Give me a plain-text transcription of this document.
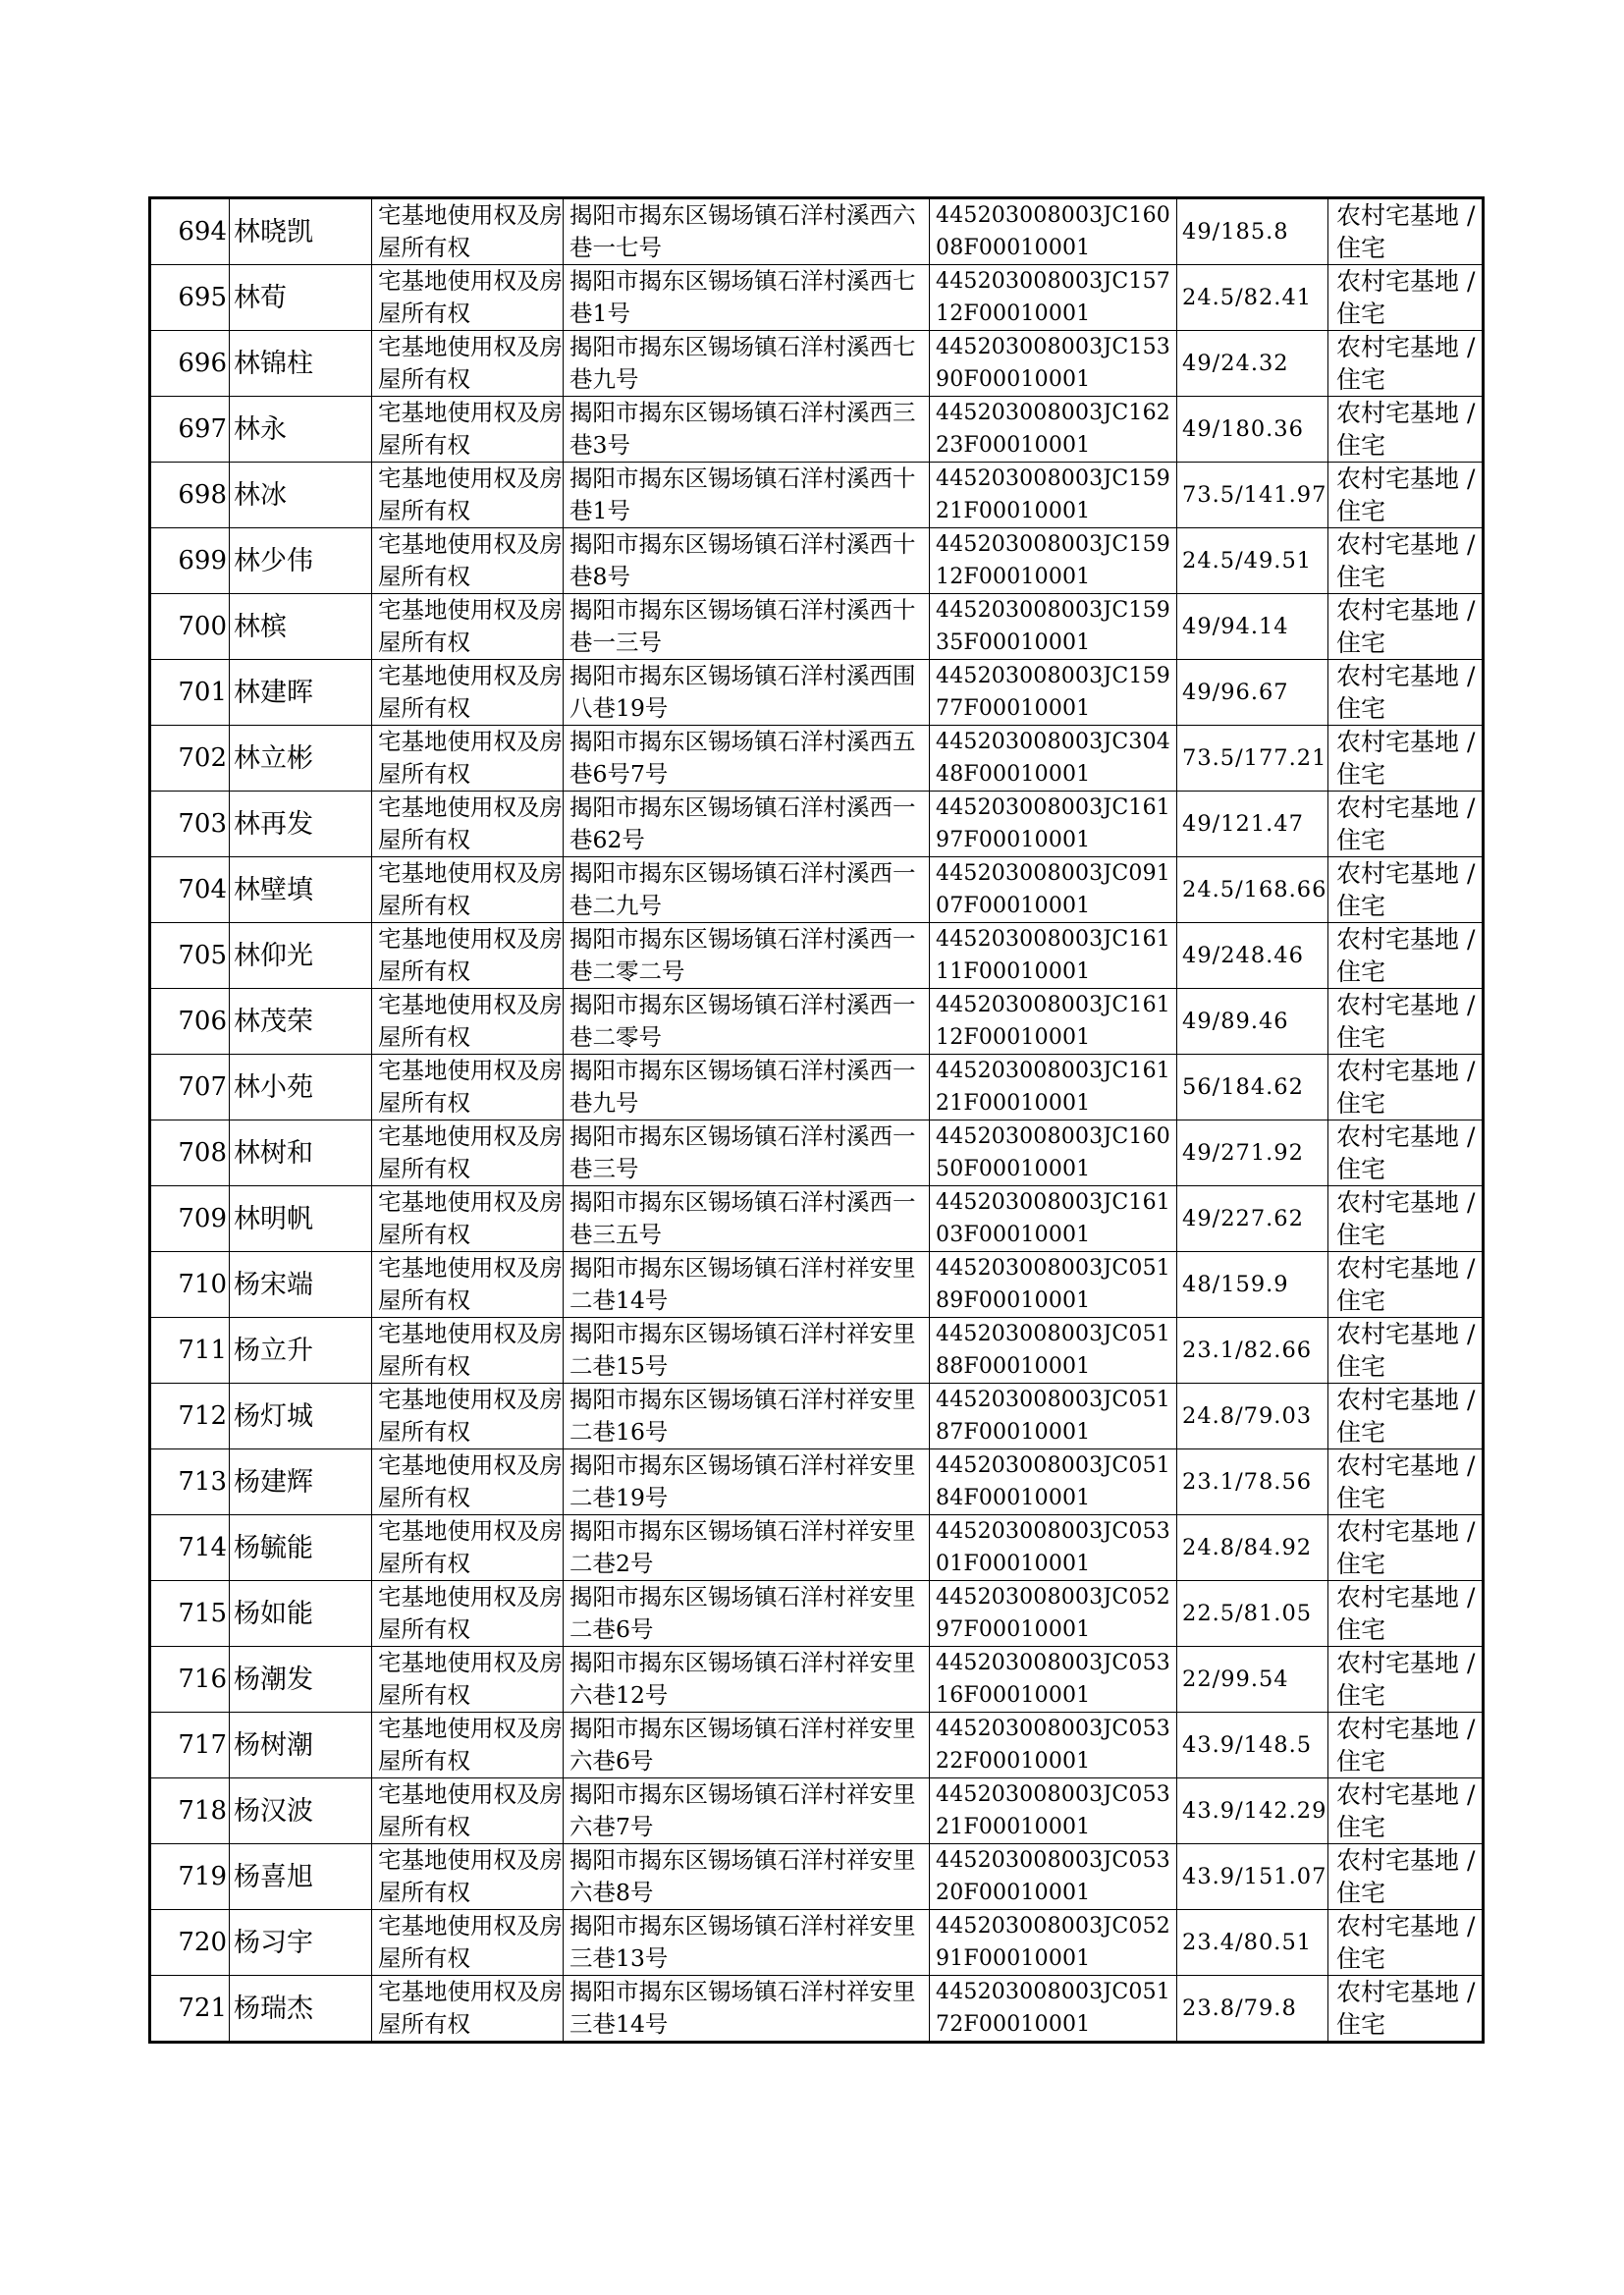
694	林晓凯	宅基地使用权及房屋所有权	揭阳市揭东区锡场镇石洋村溪西六巷一七号	445203008003JC16008F00010001	49/185.8	农村宅基地 / 住宅
695	林荀	宅基地使用权及房屋所有权	揭阳市揭东区锡场镇石洋村溪西七巷1号	445203008003JC15712F00010001	24.5/82.41	农村宅基地 / 住宅
696	林锦柱	宅基地使用权及房屋所有权	揭阳市揭东区锡场镇石洋村溪西七巷九号	445203008003JC15390F00010001	49/24.32	农村宅基地 / 住宅
697	林永	宅基地使用权及房屋所有权	揭阳市揭东区锡场镇石洋村溪西三巷3号	445203008003JC16223F00010001	49/180.36	农村宅基地 / 住宅
698	林冰	宅基地使用权及房屋所有权	揭阳市揭东区锡场镇石洋村溪西十巷1号	445203008003JC15921F00010001	73.5/141.97	农村宅基地 / 住宅
699	林少伟	宅基地使用权及房屋所有权	揭阳市揭东区锡场镇石洋村溪西十巷8号	445203008003JC15912F00010001	24.5/49.51	农村宅基地 / 住宅
700	林槟	宅基地使用权及房屋所有权	揭阳市揭东区锡场镇石洋村溪西十巷一三号	445203008003JC15935F00010001	49/94.14	农村宅基地 / 住宅
701	林建晖	宅基地使用权及房屋所有权	揭阳市揭东区锡场镇石洋村溪西围八巷19号	445203008003JC15977F00010001	49/96.67	农村宅基地 / 住宅
702	林立彬	宅基地使用权及房屋所有权	揭阳市揭东区锡场镇石洋村溪西五巷6号7号	445203008003JC30448F00010001	73.5/177.21	农村宅基地 / 住宅
703	林再发	宅基地使用权及房屋所有权	揭阳市揭东区锡场镇石洋村溪西一巷62号	445203008003JC16197F00010001	49/121.47	农村宅基地 / 住宅
704	林壁填	宅基地使用权及房屋所有权	揭阳市揭东区锡场镇石洋村溪西一巷二九号	445203008003JC09107F00010001	24.5/168.66	农村宅基地 / 住宅
705	林仰光	宅基地使用权及房屋所有权	揭阳市揭东区锡场镇石洋村溪西一巷二零二号	445203008003JC16111F00010001	49/248.46	农村宅基地 / 住宅
706	林茂荣	宅基地使用权及房屋所有权	揭阳市揭东区锡场镇石洋村溪西一巷二零号	445203008003JC16112F00010001	49/89.46	农村宅基地 / 住宅
707	林小苑	宅基地使用权及房屋所有权	揭阳市揭东区锡场镇石洋村溪西一巷九号	445203008003JC16121F00010001	56/184.62	农村宅基地 / 住宅
708	林树和	宅基地使用权及房屋所有权	揭阳市揭东区锡场镇石洋村溪西一巷三号	445203008003JC16050F00010001	49/271.92	农村宅基地 / 住宅
709	林明帆	宅基地使用权及房屋所有权	揭阳市揭东区锡场镇石洋村溪西一巷三五号	445203008003JC16103F00010001	49/227.62	农村宅基地 / 住宅
710	杨宋端	宅基地使用权及房屋所有权	揭阳市揭东区锡场镇石洋村祥安里二巷14号	445203008003JC05189F00010001	48/159.9	农村宅基地 / 住宅
711	杨立升	宅基地使用权及房屋所有权	揭阳市揭东区锡场镇石洋村祥安里二巷15号	445203008003JC05188F00010001	23.1/82.66	农村宅基地 / 住宅
712	杨灯城	宅基地使用权及房屋所有权	揭阳市揭东区锡场镇石洋村祥安里二巷16号	445203008003JC05187F00010001	24.8/79.03	农村宅基地 / 住宅
713	杨建辉	宅基地使用权及房屋所有权	揭阳市揭东区锡场镇石洋村祥安里二巷19号	445203008003JC05184F00010001	23.1/78.56	农村宅基地 / 住宅
714	杨毓能	宅基地使用权及房屋所有权	揭阳市揭东区锡场镇石洋村祥安里二巷2号	445203008003JC05301F00010001	24.8/84.92	农村宅基地 / 住宅
715	杨如能	宅基地使用权及房屋所有权	揭阳市揭东区锡场镇石洋村祥安里二巷6号	445203008003JC05297F00010001	22.5/81.05	农村宅基地 / 住宅
716	杨潮发	宅基地使用权及房屋所有权	揭阳市揭东区锡场镇石洋村祥安里六巷12号	445203008003JC05316F00010001	22/99.54	农村宅基地 / 住宅
717	杨树潮	宅基地使用权及房屋所有权	揭阳市揭东区锡场镇石洋村祥安里六巷6号	445203008003JC05322F00010001	43.9/148.5	农村宅基地 / 住宅
718	杨汉波	宅基地使用权及房屋所有权	揭阳市揭东区锡场镇石洋村祥安里六巷7号	445203008003JC05321F00010001	43.9/142.29	农村宅基地 / 住宅
719	杨喜旭	宅基地使用权及房屋所有权	揭阳市揭东区锡场镇石洋村祥安里六巷8号	445203008003JC05320F00010001	43.9/151.07	农村宅基地 / 住宅
720	杨习宇	宅基地使用权及房屋所有权	揭阳市揭东区锡场镇石洋村祥安里三巷13号	445203008003JC05291F00010001	23.4/80.51	农村宅基地 / 住宅
721	杨瑞杰	宅基地使用权及房屋所有权	揭阳市揭东区锡场镇石洋村祥安里三巷14号	445203008003JC05172F00010001	23.8/79.8	农村宅基地 / 住宅
